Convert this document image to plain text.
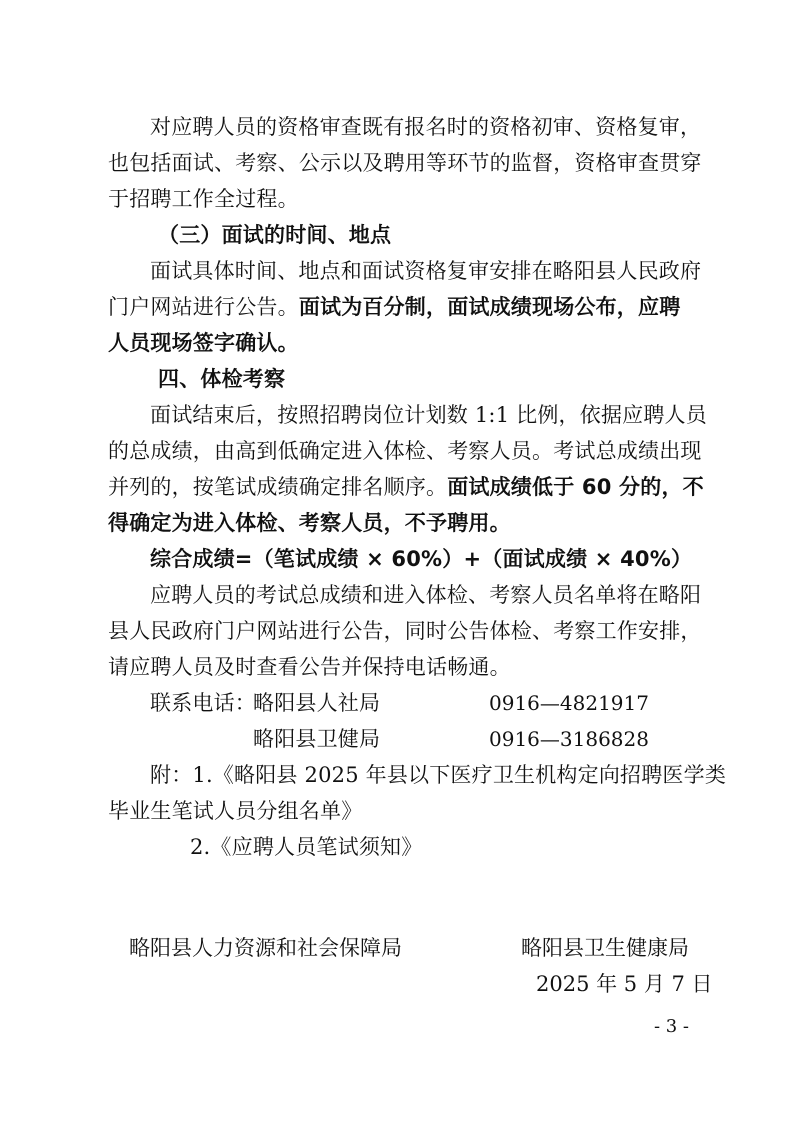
对应聘人员的资格审查既有报名时的资格初审、资格复审，
也包括面试、考察、公示以及聘用等环节的监督，资格审查贯穿
于招聘工作全过程。
（三）面试的时间、地点
面试具体时间、地点和面试资格复审安排在略阳县人民政府
门户网站进行公告。面试为百分制，面试成绩现场公布，应聘
人员现场签字确认。
四、体检考察
面试结束后，按照招聘岗位计划数 1:1 比例，依据应聘人员
的总成绩，由高到低确定进入体检、考察人员。考试总成绩出现
并列的，按笔试成绩确定排名顺序。面试成绩低于 60 分的，不
得确定为进入体检、考察人员，不予聘用。
综合成绩=（笔试成绩 × 60%）+（面试成绩 × 40%）
应聘人员的考试总成绩和进入体检、考察人员名单将在略阳
县人民政府门户网站进行公告，同时公告体检、考察工作安排，
请应聘人员及时查看公告并保持电话畅通。
联系电话：
略阳县人社局	0916—4821917
略阳县卫健局	0916—3186828
附：1.《略阳县 2025 年县以下医疗卫生机构定向招聘医学类
毕业生笔试人员分组名单》
2.《应聘人员笔试须知》
略阳县人力资源和社会保障局	略阳县卫生健康局
2025 年 5 月 7 日
- 3 -
